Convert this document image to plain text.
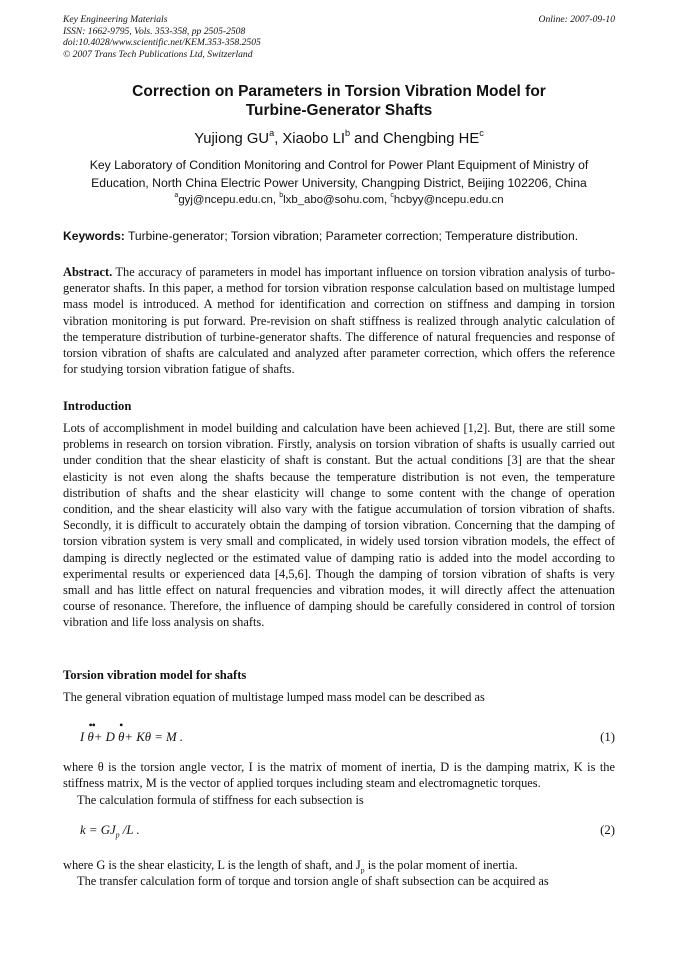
Key Engineering Materials
ISSN: 1662-9795, Vols. 353-358, pp 2505-2508
doi:10.4028/www.scientific.net/KEM.353-358.2505
© 2007 Trans Tech Publications Ltd, Switzerland
Online: 2007-09-10
Correction on Parameters in Torsion Vibration Model for
Turbine-Generator Shafts
Yujiong $GU^a$, Xiaobo $LI^b$ and Chengbing $HE^c$
Key Laboratory of Condition Monitoring and Control for Power Plant Equipment of Ministry of
Education, North China Electric Power University, Changping District, Beijing 102206, China
$^a$gyj@ncepu.edu.cn, $^b$lxb_abo@sohu.com, $^c$hcbyy@ncepu.edu.cn
Keywords: Turbine-generator; Torsion vibration; Parameter correction; Temperature distribution.
Abstract. The accuracy of parameters in model has important influence on torsion vibration analysis of turbo-generator shafts. In this paper, a method for torsion vibration response calculation based on multistage lumped mass model is introduced. A method for identification and correction on stiffness and damping in torsion vibration monitoring is put forward. Pre-revision on shaft stiffness is realized through analytic calculation of the temperature distribution of turbine-generator shafts. The difference of natural frequencies and response of torsion vibration of shafts are calculated and analyzed after parameter correction, which offers the reference for studying torsion vibration fatigue of shafts.
Introduction
Lots of accomplishment in model building and calculation have been achieved [1,2]. But, there are still some problems in research on torsion vibration. Firstly, analysis on torsion vibration of shafts is usually carried out under condition that the shear elasticity of shaft is constant. But the actual conditions [3] are that the shear elasticity is not even along the shafts because the temperature distribution is not even, the temperature distribution of shafts and the shear elasticity will change to some content with the change of operation condition, and the shear elasticity will also vary with the fatigue accumulation of torsion vibration of shafts. Secondly, it is difficult to accurately obtain the damping of torsion vibration. Concerning that the damping of torsion vibration system is very small and complicated, in widely used torsion vibration models, the effect of damping is directly neglected or the estimated value of damping ratio is added into the model according to experimental results or experienced data [4,5,6]. Though the damping of torsion vibration of shafts is very small and has little effect on natural frequencies and vibration modes, it will directly affect the attenuation course of resonance. Therefore, the influence of damping should be carefully considered in control of torsion vibration and life loss analysis on shafts.
Torsion vibration model for shafts
The general vibration equation of multistage lumped mass model can be described as
I
••
θ+ D
•
θ+ Kθ = M .	(1)
where θ is the torsion angle vector, I is the matrix of moment of inertia, D is the damping matrix, K is the stiffness matrix, M is the vector of applied torques including steam and electromagnetic torques.
The calculation formula of stiffness for each subsection is
$k = GJ_p$ /L .	(2)
where G is the shear elasticity, L is the length of shaft, and $J_p$ is the polar moment of inertia.
The transfer calculation form of torque and torsion angle of shaft subsection can be acquired as
